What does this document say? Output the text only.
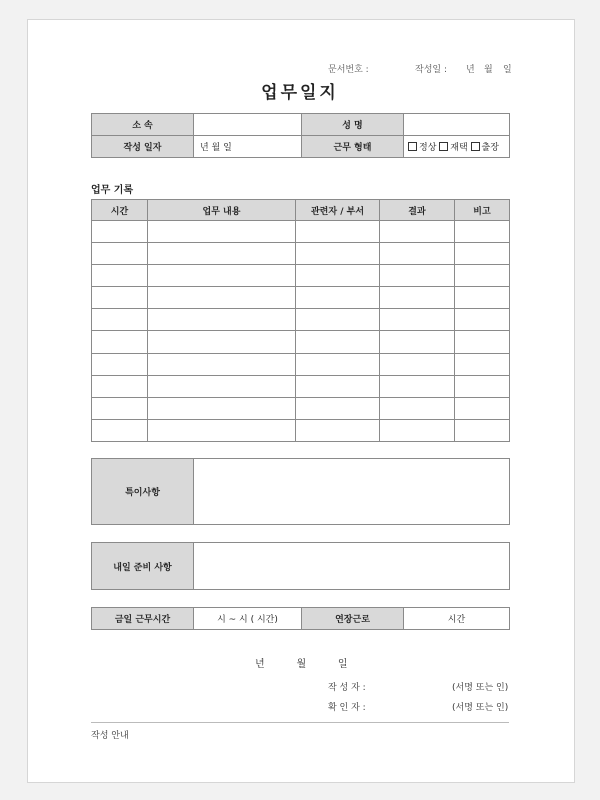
문서번호 :	작성일 : 년 월 일
업무일지
소 속		성 명	
작성 일자	년 월 일	근무 형태	정상 재택 출장
업무 기록
시간	업무 내용	관련자 / 부서	결과	비고

특이사항	
내일 준비 사항	
금일 근무시간	시 ~ 시 ( 시간)	연장근로	시간
년          월          일
작 성 자 :	(서명 또는 인)
확 인 자 :	(서명 또는 인)
작성 안내
